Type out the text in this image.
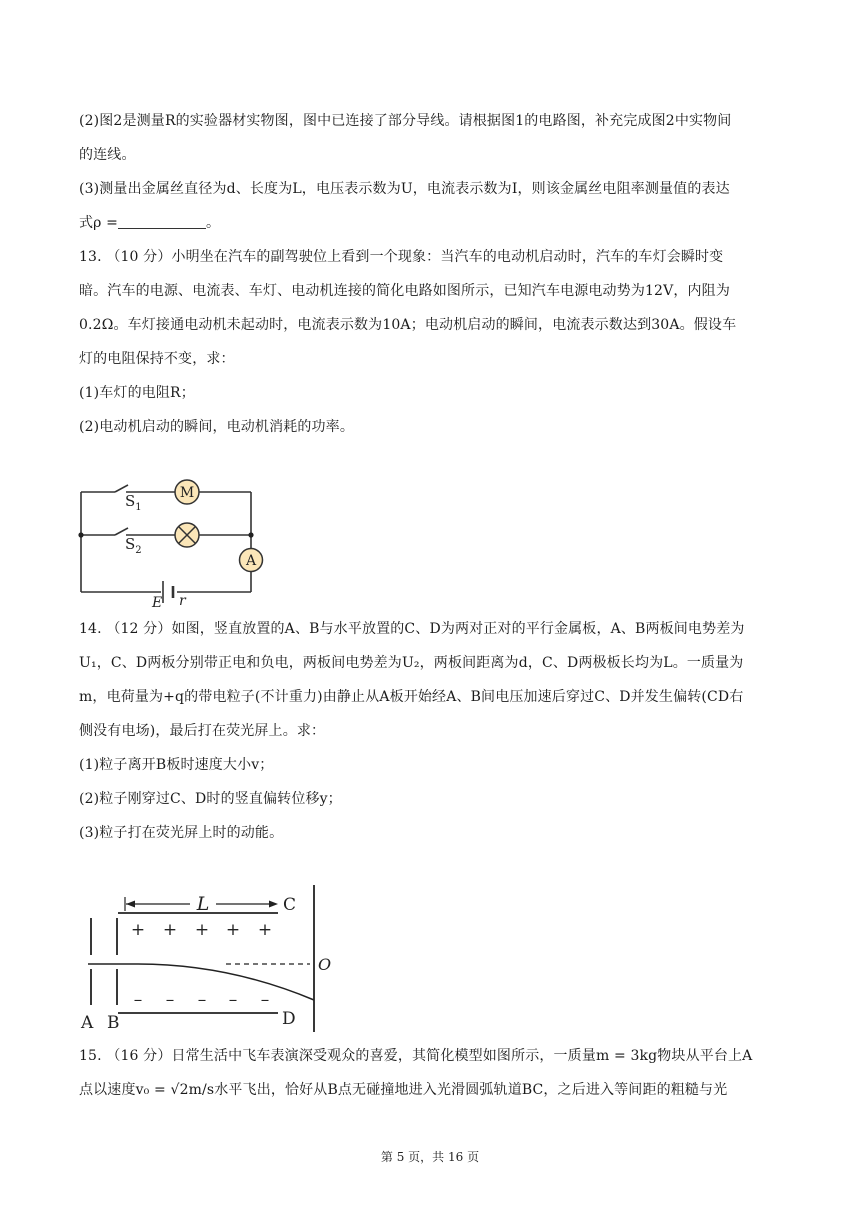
(2)图2是测量R的实验器材实物图，图中已连接了部分导线。请根据图1的电路图，补充完成图2中实物间
的连线。
(3)测量出金属丝直径为d、长度为L，电压表示数为U，电流表示数为I，则该金属丝电阻率测量值的表达
式ρ =	。
13. （10 分）小明坐在汽车的副驾驶位上看到一个现象：当汽车的电动机启动时，汽车的车灯会瞬时变
暗。汽车的电源、电流表、车灯、电动机连接的简化电路如图所示，已知汽车电源电动势为12V，内阻为
0.2Ω。车灯接通电动机未起动时，电流表示数为10A；电动机启动的瞬间，电流表示数达到30A。假设车
灯的电阻保持不变，求：
(1)车灯的电阻R；
(2)电动机启动的瞬间，电动机消耗的功率。
M
A
$S_1$
$S_2$
E r
14. （12 分）如图，竖直放置的A、B与水平放置的C、D为两对正对的平行金属板，A、B两板间电势差为
U₁，C、D两板分别带正电和负电，两板间电势差为U₂，两板间距离为d，C、D两极板长均为L。一质量为
m，电荷量为+q的带电粒子(不计重力)由静止从A板开始经A、B间电压加速后穿过C、D并发生偏转(CD右
侧没有电场)，最后打在荧光屏上。求：
(1)粒子离开B板时速度大小v；
(2)粒子刚穿过C、D时的竖直偏转位移y；
(3)粒子打在荧光屏上时的动能。
L	C
D
A B
O
+ + + + +
– – – – –
15. （16 分）日常生活中飞车表演深受观众的喜爱，其简化模型如图所示，一质量m = 3kg物块从平台上A
点以速度v₀ = √2m/s水平飞出，恰好从B点无碰撞地进入光滑圆弧轨道BC，之后进入等间距的粗糙与光
第 5 页，共 16 页
